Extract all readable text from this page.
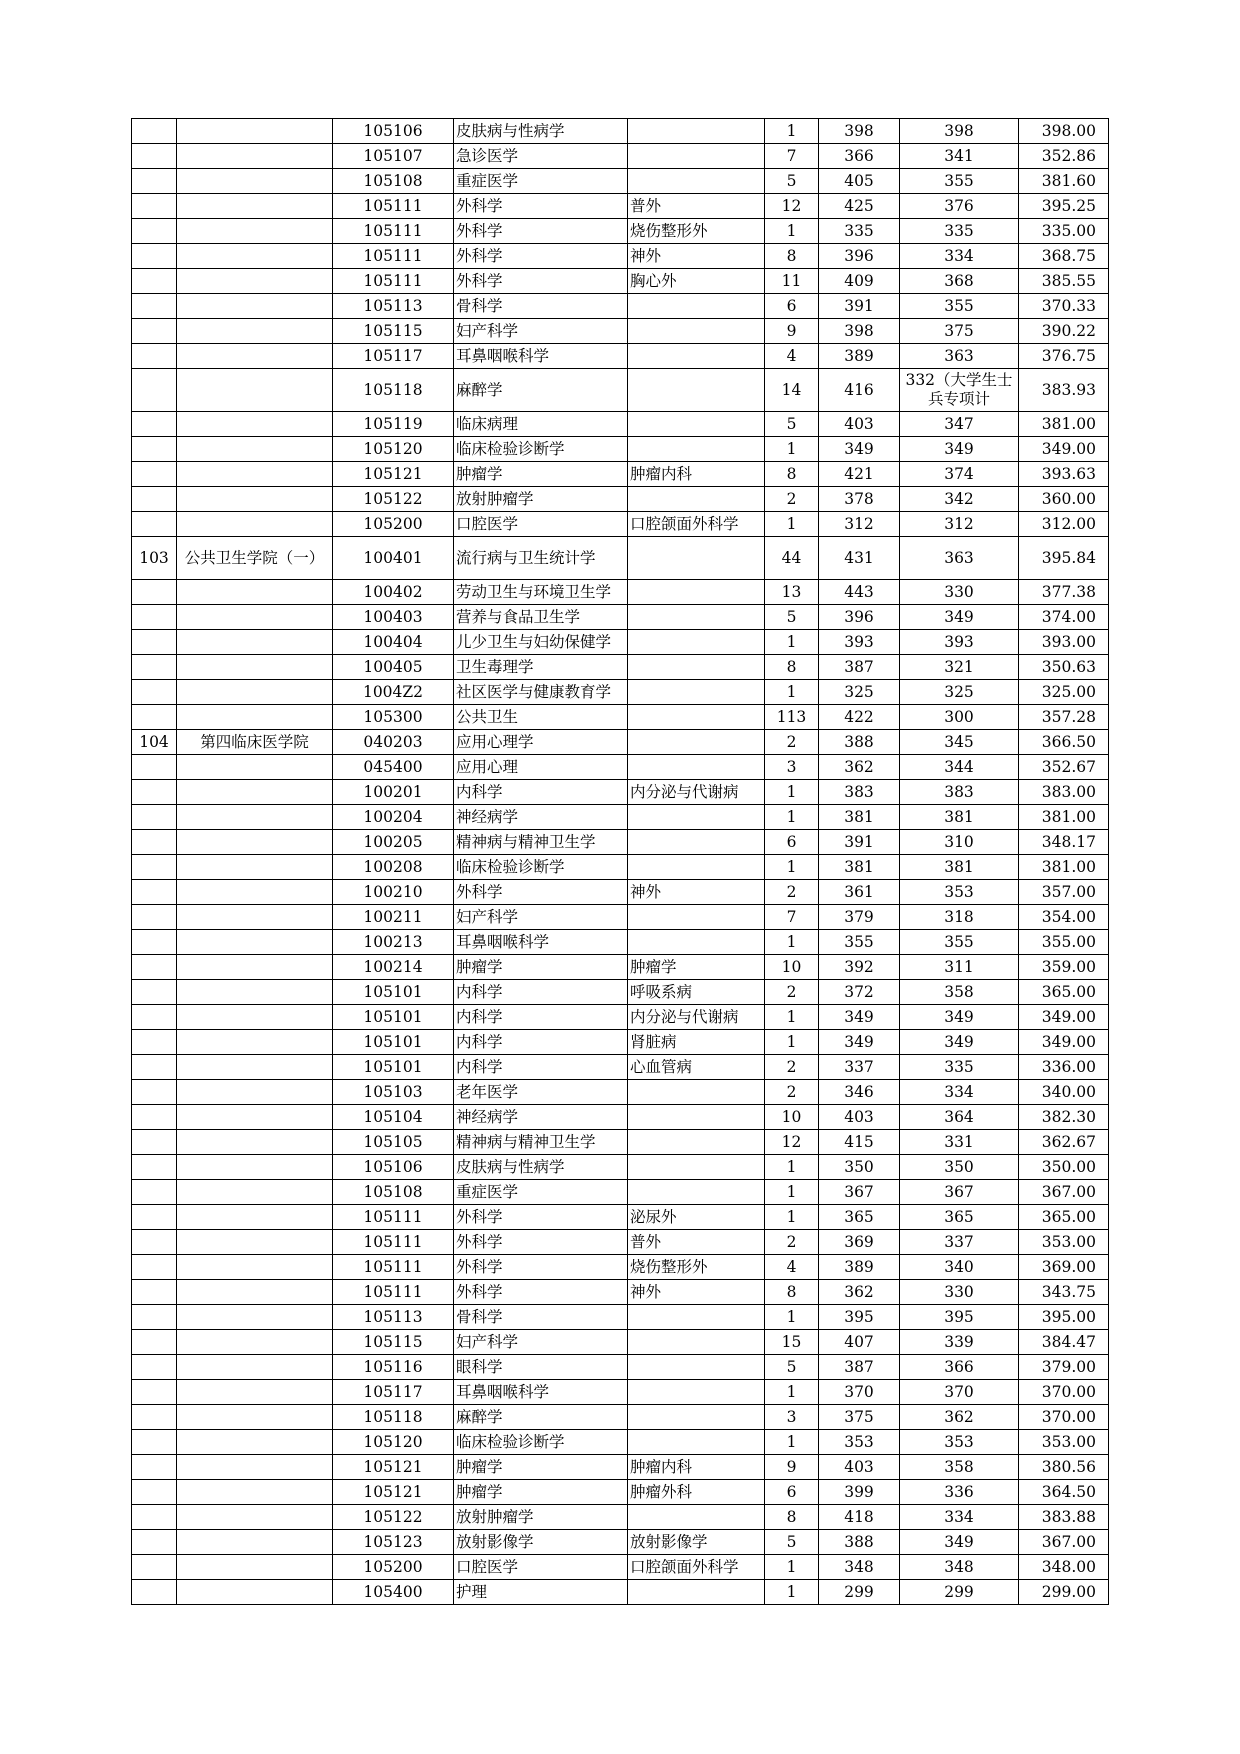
		105106	皮肤病与性病学		1	398	398	398.00
		105107	急诊医学		7	366	341	352.86
		105108	重症医学		5	405	355	381.60
		105111	外科学	普外	12	425	376	395.25
		105111	外科学	烧伤整形外	1	335	335	335.00
		105111	外科学	神外	8	396	334	368.75
		105111	外科学	胸心外	11	409	368	385.55
		105113	骨科学		6	391	355	370.33
		105115	妇产科学		9	398	375	390.22
		105117	耳鼻咽喉科学		4	389	363	376.75
		105118	麻醉学		14	416	332（大学生士兵专项计	383.93
		105119	临床病理		5	403	347	381.00
		105120	临床检验诊断学		1	349	349	349.00
		105121	肿瘤学	肿瘤内科	8	421	374	393.63
		105122	放射肿瘤学		2	378	342	360.00
		105200	口腔医学	口腔颌面外科学	1	312	312	312.00
103	公共卫生学院（一）	100401	流行病与卫生统计学		44	431	363	395.84
		100402	劳动卫生与环境卫生学		13	443	330	377.38
		100403	营养与食品卫生学		5	396	349	374.00
		100404	儿少卫生与妇幼保健学		1	393	393	393.00
		100405	卫生毒理学		8	387	321	350.63
		1004Z2	社区医学与健康教育学		1	325	325	325.00
		105300	公共卫生		113	422	300	357.28
104	第四临床医学院	040203	应用心理学		2	388	345	366.50
		045400	应用心理		3	362	344	352.67
		100201	内科学	内分泌与代谢病	1	383	383	383.00
		100204	神经病学		1	381	381	381.00
		100205	精神病与精神卫生学		6	391	310	348.17
		100208	临床检验诊断学		1	381	381	381.00
		100210	外科学	神外	2	361	353	357.00
		100211	妇产科学		7	379	318	354.00
		100213	耳鼻咽喉科学		1	355	355	355.00
		100214	肿瘤学	肿瘤学	10	392	311	359.00
		105101	内科学	呼吸系病	2	372	358	365.00
		105101	内科学	内分泌与代谢病	1	349	349	349.00
		105101	内科学	肾脏病	1	349	349	349.00
		105101	内科学	心血管病	2	337	335	336.00
		105103	老年医学		2	346	334	340.00
		105104	神经病学		10	403	364	382.30
		105105	精神病与精神卫生学		12	415	331	362.67
		105106	皮肤病与性病学		1	350	350	350.00
		105108	重症医学		1	367	367	367.00
		105111	外科学	泌尿外	1	365	365	365.00
		105111	外科学	普外	2	369	337	353.00
		105111	外科学	烧伤整形外	4	389	340	369.00
		105111	外科学	神外	8	362	330	343.75
		105113	骨科学		1	395	395	395.00
		105115	妇产科学		15	407	339	384.47
		105116	眼科学		5	387	366	379.00
		105117	耳鼻咽喉科学		1	370	370	370.00
		105118	麻醉学		3	375	362	370.00
		105120	临床检验诊断学		1	353	353	353.00
		105121	肿瘤学	肿瘤内科	9	403	358	380.56
		105121	肿瘤学	肿瘤外科	6	399	336	364.50
		105122	放射肿瘤学		8	418	334	383.88
		105123	放射影像学	放射影像学	5	388	349	367.00
		105200	口腔医学	口腔颌面外科学	1	348	348	348.00
		105400	护理		1	299	299	299.00
